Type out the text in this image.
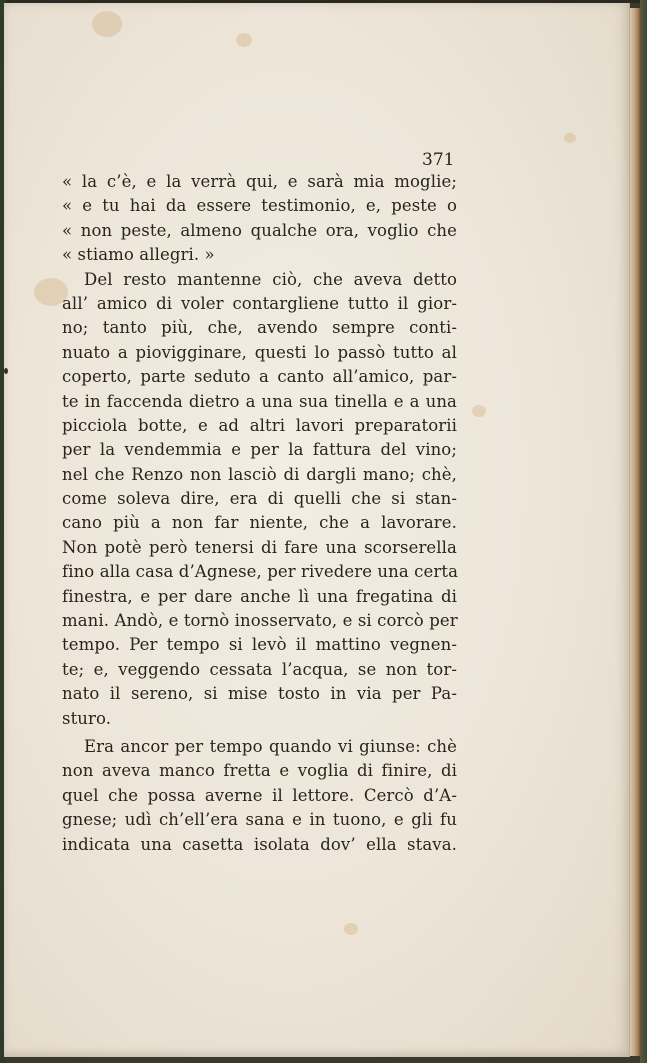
371
« la c’è, e la verrà qui, e sarà mia moglie;
« e tu hai da essere testimonio, e, peste o
« non peste, almeno qualche ora, voglio che
« stiamo allegri. »
Del resto mantenne ciò, che aveva detto
all’ amico di voler contargliene tutto il gior-
no; tanto più, che, avendo sempre conti-
nuato a piovigginare, questi lo passò tutto al
coperto, parte seduto a canto all’amico, par-
te in faccenda dietro a una sua tinella e a una
picciola botte, e ad altri lavori preparatorii
per la vendemmia e per la fattura del vino;
nel che Renzo non lasciò di dargli mano; chè,
come soleva dire, era di quelli che si stan-
cano più a non far niente, che a lavorare.
Non potè però tenersi di fare una scorserella
fino alla casa d’Agnese, per rivedere una certa
finestra, e per dare anche lì una fregatina di
mani. Andò, e tornò inosservato, e si corcò per
tempo. Per tempo si levò il mattino vegnen-
te; e, veggendo cessata l’acqua, se non tor-
nato il sereno, si mise tosto in via per Pa-
sturo.
Era ancor per tempo quando vi giunse: chè
non aveva manco fretta e voglia di finire, di
quel che possa averne il lettore. Cercò d’A-
gnese; udì ch’ell’era sana e in tuono, e gli fu
indicata una casetta isolata dov’ ella stava.
